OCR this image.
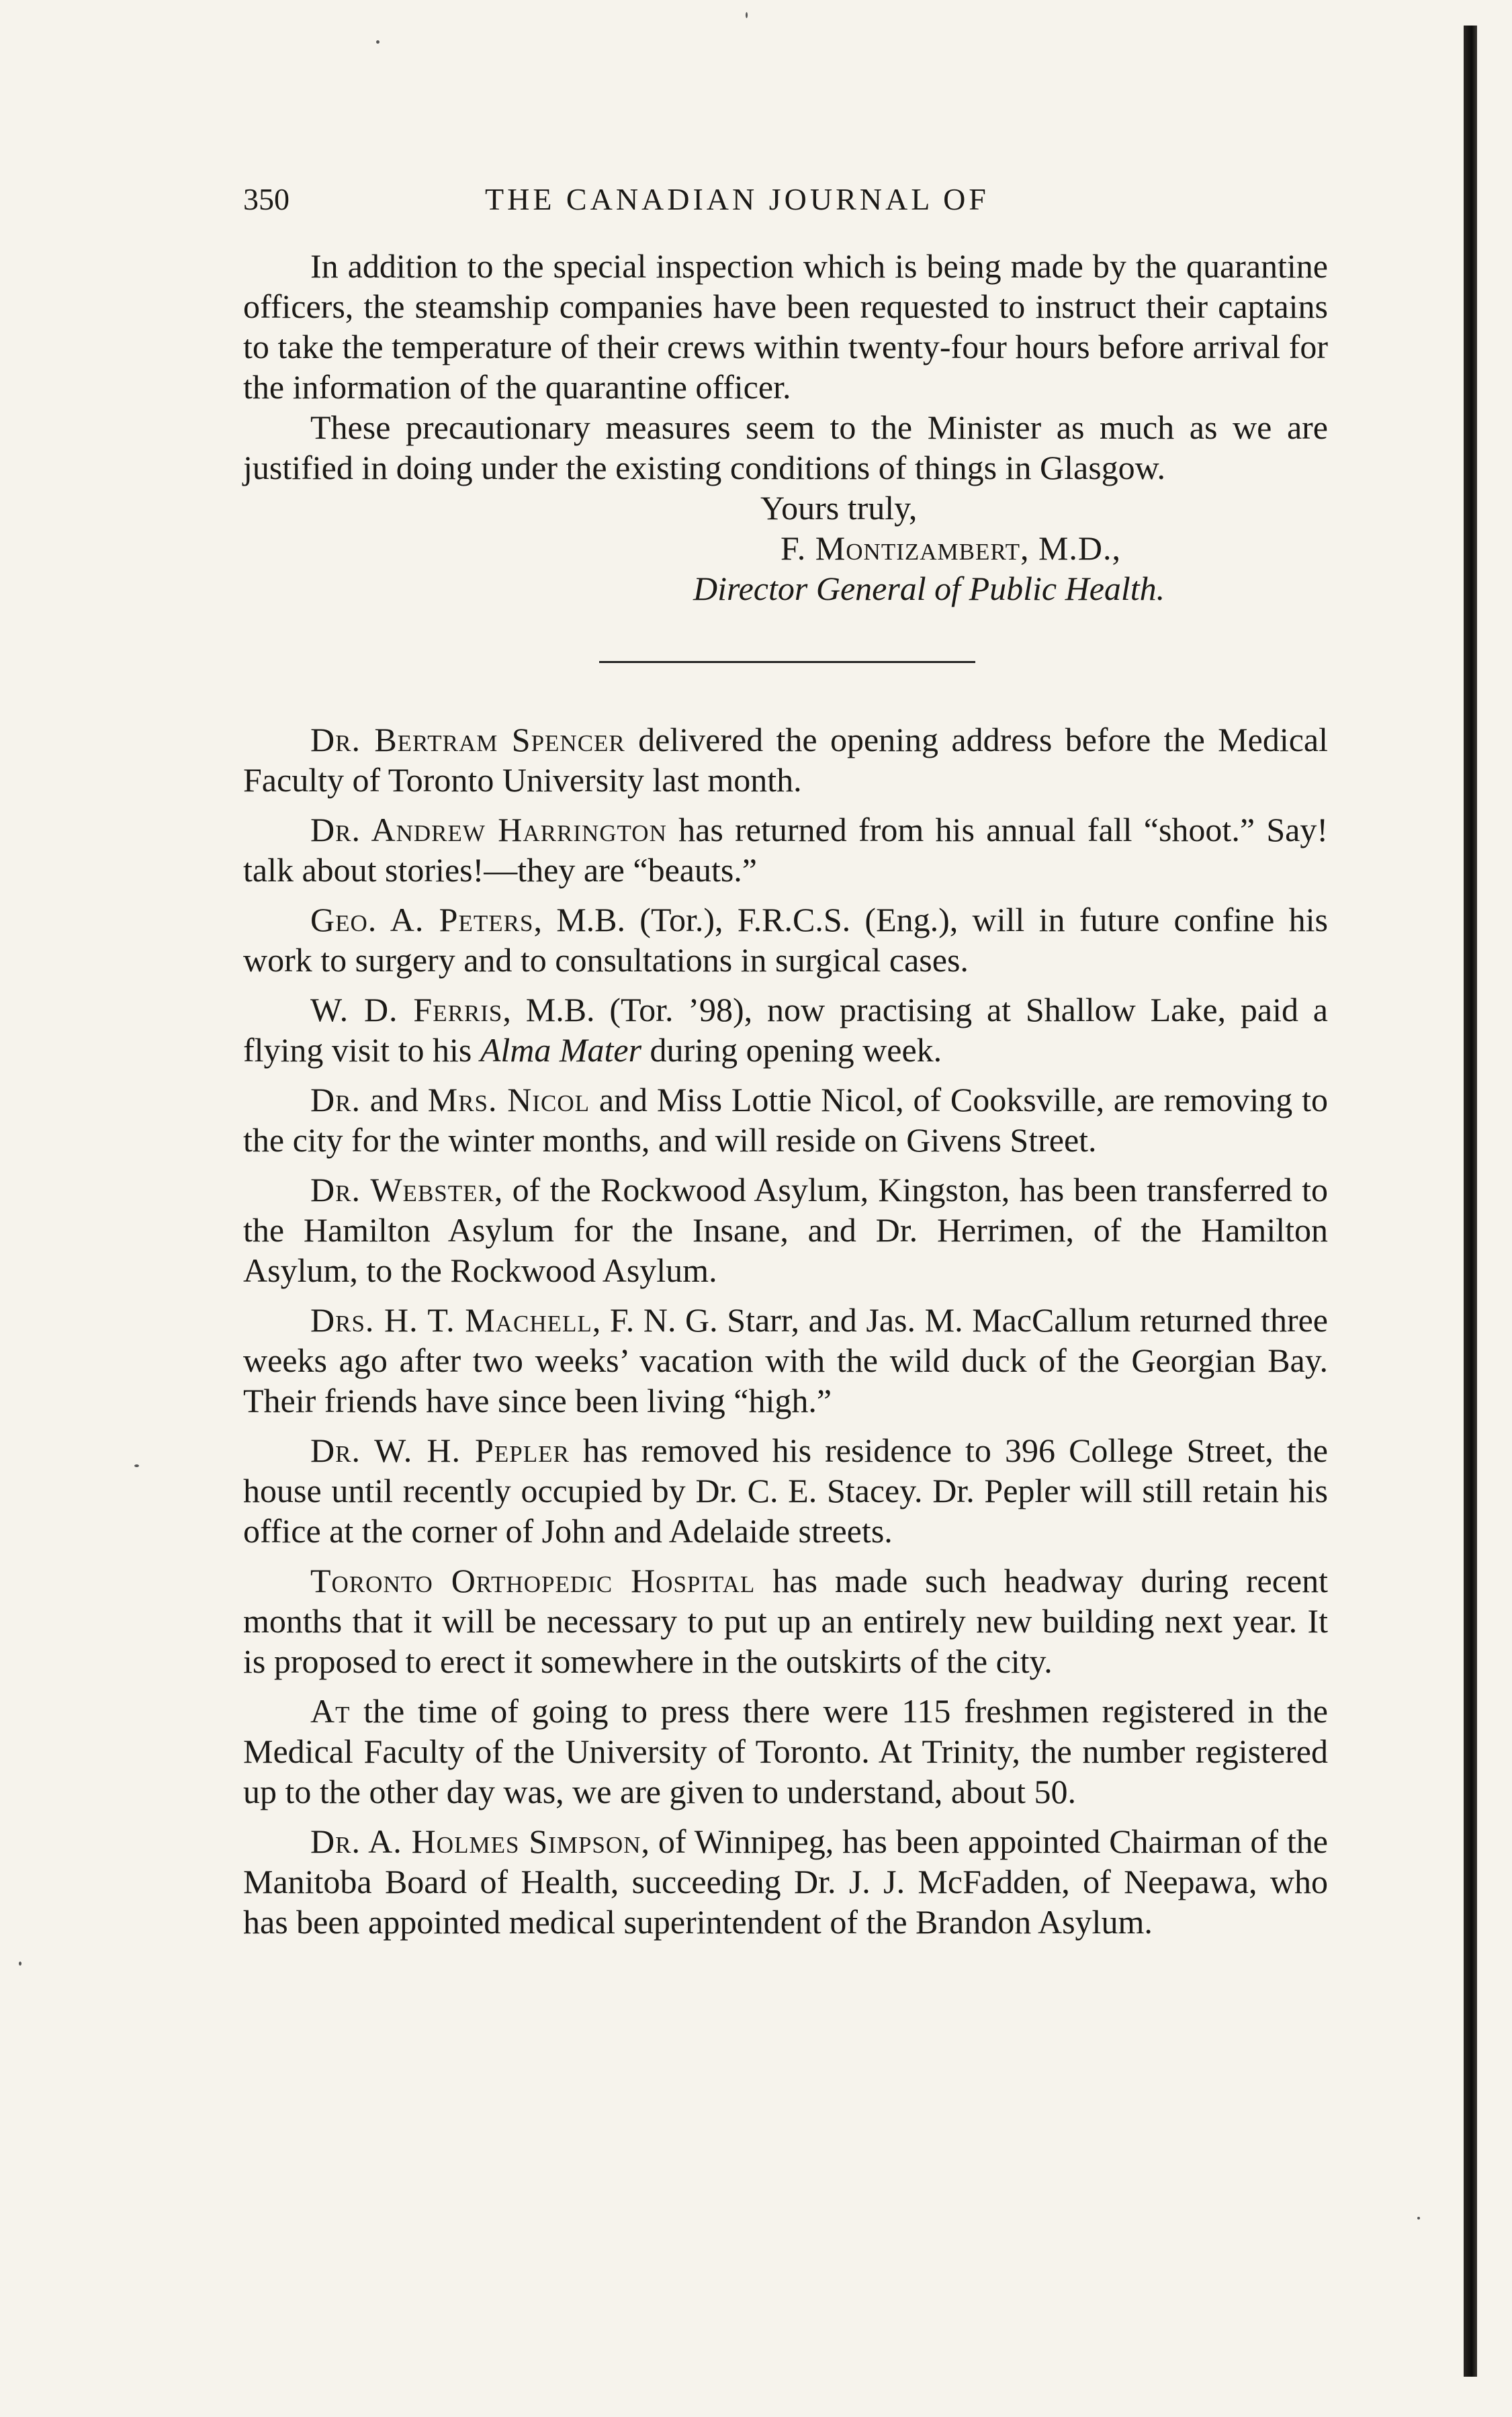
350	THE CANADIAN JOURNAL OF

In addition to the special inspection which is being made by the quarantine officers, the steamship companies have been requested to instruct their captains to take the temperature of their crews within twenty-four hours before arrival for the information of the quarantine officer.

These precautionary measures seem to the Minister as much as we are justified in doing under the existing conditions of things in Glasgow.

Yours truly,
F. Montizambert, M.D.,
Director General of Public Health.

Dr. Bertram Spencer delivered the opening address before the Medical Faculty of Toronto University last month.

Dr. Andrew Harrington has returned from his annual fall “shoot.” Say! talk about stories!—they are “beauts.”

Geo. A. Peters, M.B. (Tor.), F.R.C.S. (Eng.), will in future confine his work to surgery and to consultations in surgical cases.

W. D. Ferris, M.B. (Tor. ’98), now practising at Shallow Lake, paid a flying visit to his Alma Mater during opening week.

Dr. and Mrs. Nicol and Miss Lottie Nicol, of Cooksville, are removing to the city for the winter months, and will reside on Givens Street.

Dr. Webster, of the Rockwood Asylum, Kingston, has been transferred to the Hamilton Asylum for the Insane, and Dr. Herrimen, of the Hamilton Asylum, to the Rockwood Asylum.

Drs. H. T. Machell, F. N. G. Starr, and Jas. M. MacCallum returned three weeks ago after two weeks’ vacation with the wild duck of the Georgian Bay. Their friends have since been living “high.”

Dr. W. H. Pepler has removed his residence to 396 College Street, the house until recently occupied by Dr. C. E. Stacey. Dr. Pepler will still retain his office at the corner of John and Adelaide streets.

Toronto Orthopedic Hospital has made such headway during recent months that it will be necessary to put up an entirely new building next year. It is proposed to erect it somewhere in the outskirts of the city.

At the time of going to press there were 115 freshmen registered in the Medical Faculty of the University of Toronto. At Trinity, the number registered up to the other day was, we are given to understand, about 50.

Dr. A. Holmes Simpson, of Winnipeg, has been appointed Chairman of the Manitoba Board of Health, succeeding Dr. J. J. McFadden, of Neepawa, who has been appointed medical superintendent of the Brandon Asylum.
